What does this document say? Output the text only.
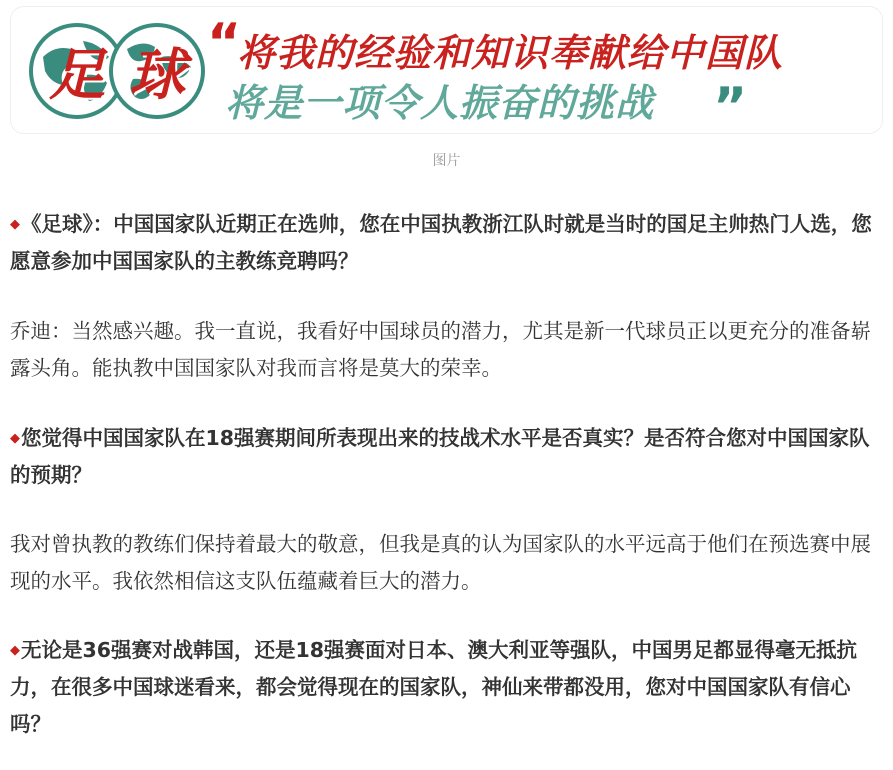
足 球 “
将我的经验和知识奉献给中国队
将是一项令人振奋的挑战 ”
图片

◆《足球》：中国国家队近期正在选帅，您在中国执教浙江队时就是当时的国足主帅热门人选，您愿意参加中国国家队的主教练竞聘吗？

乔迪：当然感兴趣。我一直说，我看好中国球员的潜力，尤其是新一代球员正以更充分的准备崭露头角。能执教中国国家队对我而言将是莫大的荣幸。

◆您觉得中国国家队在18强赛期间所表现出来的技战术水平是否真实？是否符合您对中国国家队的预期？

我对曾执教的教练们保持着最大的敬意，但我是真的认为国家队的水平远高于他们在预选赛中展现的水平。我依然相信这支队伍蕴藏着巨大的潜力。

◆无论是36强赛对战韩国，还是18强赛面对日本、澳大利亚等强队，中国男足都显得毫无抵抗力，在很多中国球迷看来，都会觉得现在的国家队，神仙来带都没用，您对中国国家队有信心吗？
